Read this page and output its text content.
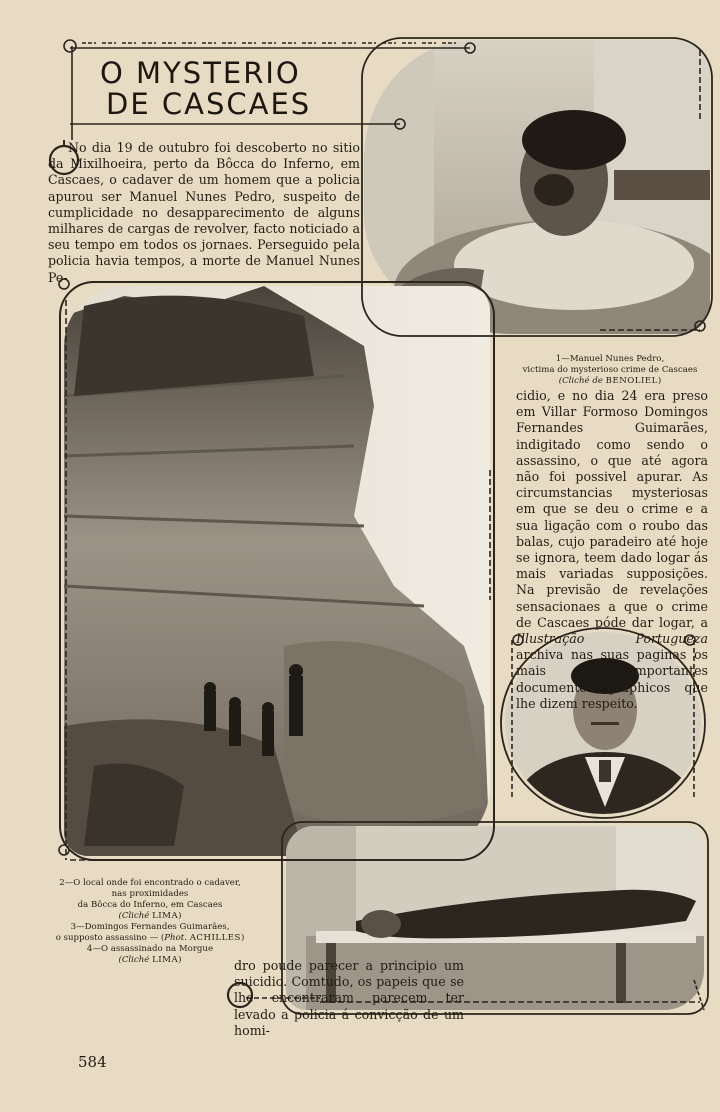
O MYSTERIO
DE CASCAES

No dia 19 de outubro foi descoberto no sitio da Mixilhoeira, perto da Bôcca do Inferno, em Cascaes, o cadaver de um homem que a policia apurou ser Manuel Nunes Pedro, suspeito de cumplicidade no desapparecimento de alguns milhares de cargas de revolver, facto noticiado a seu tempo em todos os jornaes. Perseguido pela policia havia tempos, a morte de Manuel Nunes Pe-

1—Manuel Nunes Pedro,
victima do mysterioso crime de Cascaes
(Cliché de BENOLIEL)

cidio, e no dia 24 era preso em Villar Formoso Domingos Fernandes Guimarães, indigitado como sendo o assassino, o que até agora não foi possivel apurar. As circumstancias mysteriosas em que se deu o crime e a sua ligação com o roubo das balas, cujo paradeiro até hoje se ignora, teem dado logar ás mais variadas supposições. Na previsão de revelações sensacionaes a que o crime de Cascaes póde dar logar, a Illustração Portugueza archiva nas suas paginas os mais importantes documentos graphicos que lhe dizem respeito.

2—O local onde foi encontrado o cadaver,
nas proximidades
da Bôcca do Inferno, em Cascaes
(Cliché LIMA)
3—Domingos Fernandes Guimarães,
o supposto assassino — (Phot. ACHILLES)
4—O assassinado na Morgue
(Cliché LIMA)	dro poude parecer a principio um suicidio. Comtudo, os papeis que se lhe encontraram parecem ter levado a policia á convicção de um homi-

584
